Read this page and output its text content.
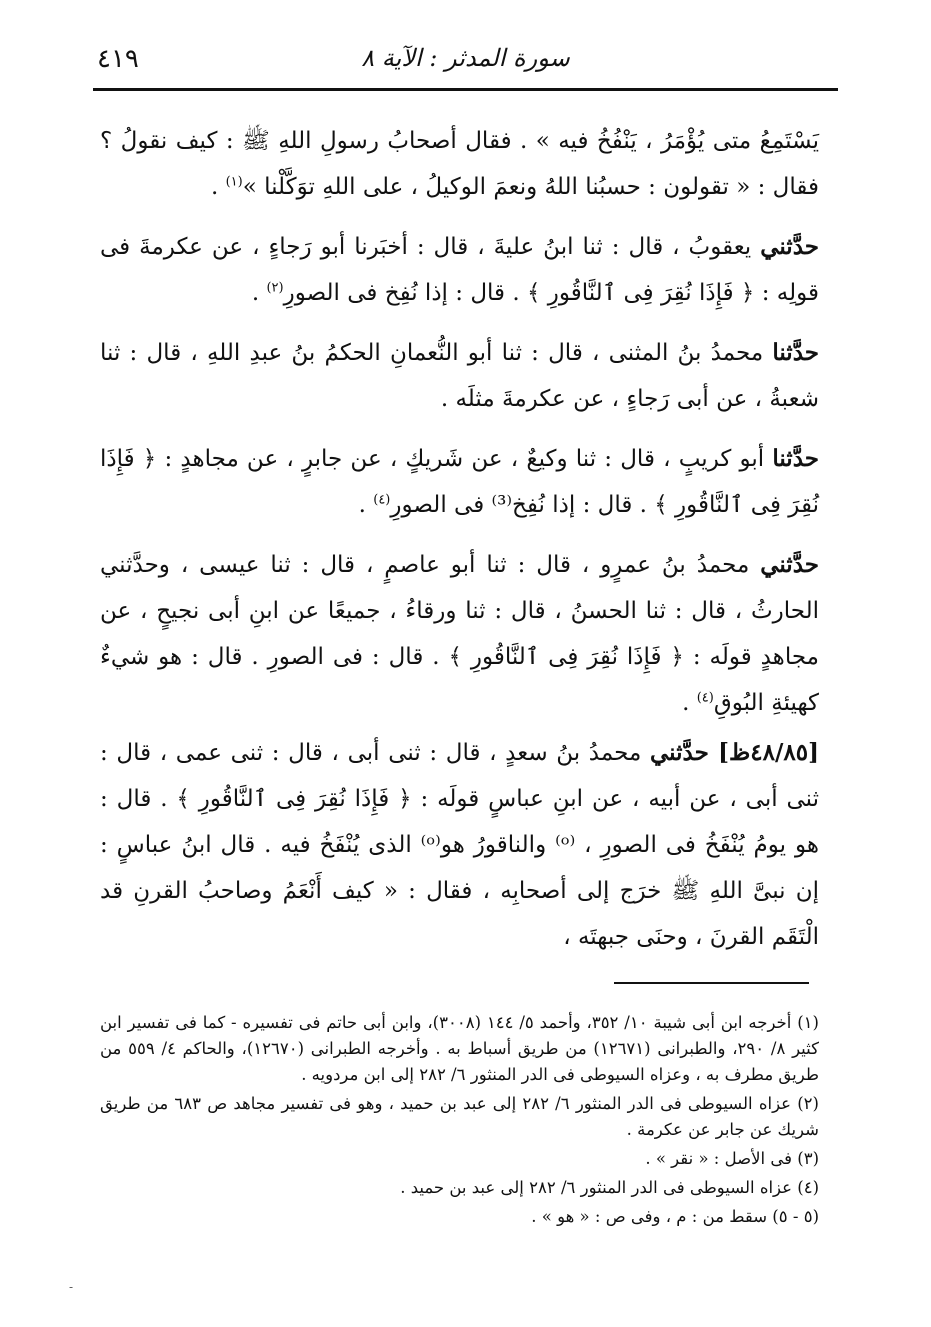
سورة المدثر : الآية ٨
٤١٩

يَسْتَمِعُ متى يُؤْمَرُ ، يَنْفُخُ فيه » . فقال أصحابُ رسولِ اللهِ ﷺ : كيف نقولُ ؟ فقال : « تقولون : حسبُنا اللهُ ونعمَ الوكيلُ ، على اللهِ توَكَّلْنا »$^{(١)}$ .

حدَّثني يعقوبُ ، قال : ثنا ابنُ عليةَ ، قال : أخبَرنا أبو رَجاءٍ ، عن عكرمةَ فى قولِه : ﴿ فَإِذَا نُقِرَ فِى ٱلنَّاقُورِ ﴾ . قال : إذا نُفِخ فى الصورِ$^{(٢)}$ .

حدَّثنا محمدُ بنُ المثنى ، قال : ثنا أبو النُّعمانِ الحكمُ بنُ عبدِ اللهِ ، قال : ثنا شعبةُ ، عن أبى رَجاءٍ ، عن عكرمةَ مثلَه .

حدَّثنا أبو كريبٍ ، قال : ثنا وكيعٌ ، عن شَريكٍ ، عن جابرٍ ، عن مجاهدٍ : ﴿ فَإِذَا نُقِرَ فِى ٱلنَّاقُورِ ﴾ . قال : إذا نُفِخ⁽³⁾ فى الصورِ$^{(٤)}$ .

حدَّثني محمدُ بنُ عمرٍو ، قال : ثنا أبو عاصمٍ ، قال : ثنا عيسى ، وحدَّثني الحارثُ ، قال : ثنا الحسنُ ، قال : ثنا ورقاءُ ، جميعًا عن ابنِ أبى نجيحٍ ، عن مجاهدٍ قولَه : ﴿ فَإِذَا نُقِرَ فِى ٱلنَّاقُورِ ﴾ . قال : فى الصورِ . قال : هو شيءٌ كهيئةِ البُوقِ$^{(٤)}$ .

[٤٨/٨٥ظ] حدَّثني محمدُ بنُ سعدٍ ، قال : ثنى أبى ، قال : ثنى عمى ، قال : ثنى أبى ، عن أبيه ، عن ابنِ عباسٍ قولَه : ﴿ فَإِذَا نُقِرَ فِى ٱلنَّاقُورِ ﴾ . قال : هو يومُ يُنْفَخُ فى الصورِ ، ⁽ᵒ⁾ والناقورُ هو⁽ᵒ⁾ الذى يُنْفَخُ فيه . قال ابنُ عباسٍ : إن نبىَّ اللهِ ﷺ خرَج إلى أصحابِه ، فقال : « كيف أَنْعَمُ وصاحبُ القرنِ قد الْتَقَم القرنَ ، وحنَى جبهتَه ،

(١) أخرجه ابن أبى شيبة ١٠/ ٣٥٢، وأحمد ٥/ ١٤٤ (٣٠٠٨)، وابن أبى حاتم فى تفسيره - كما فى تفسير ابن كثير ٨/ ٢٩٠، والطبرانى (١٢٦٧١) من طريق أسباط به . وأخرجه الطبرانى (١٢٦٧٠)، والحاكم ٤/ ٥٥٩ من طريق مطرف به ، وعزاه السيوطى فى الدر المنثور ٦/ ٢٨٢ إلى ابن مردويه .

(٢) عزاه السيوطى فى الدر المنثور ٦/ ٢٨٢ إلى عبد بن حميد ، وهو فى تفسير مجاهد ص ٦٨٣ من طريق شريك عن جابر عن عكرمة .

(٣) فى الأصل : « نقر » .

(٤) عزاه السيوطى فى الدر المنثور ٦/ ٢٨٢ إلى عبد بن حميد .

(٥ - ٥) سقط من : م ، وفى ص : « هو » .

-
